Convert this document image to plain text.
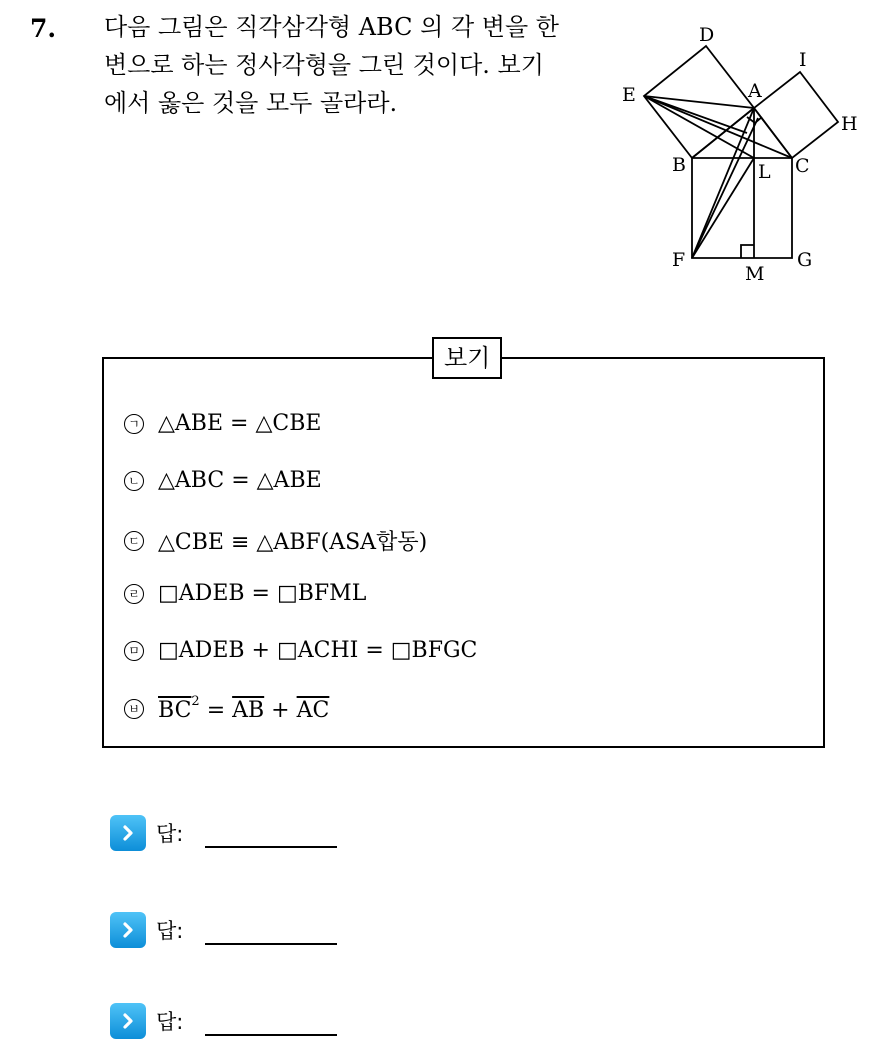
7. 다음 그림은 직각삼각형 ABC 의 각 변을 한
변으로 하는 정사각형을 그린 것이다. 보기
에서 옳은 것을 모두 골라라.
D
I
E	A
H
B	L C
F
M
G
보기
ㄱ △ABE = △CBE
ㄴ △ABC = △ABE
ㄷ △CBE ≡ △ABF(ASA합동)
ㄹ □ADEB = □BFML
ㅁ □ADEB + □ACHI = □BFGC
ㅂ $\overline{BC}^2 = \overline{AB} + \overline{AC}$
답:
답:
답:
